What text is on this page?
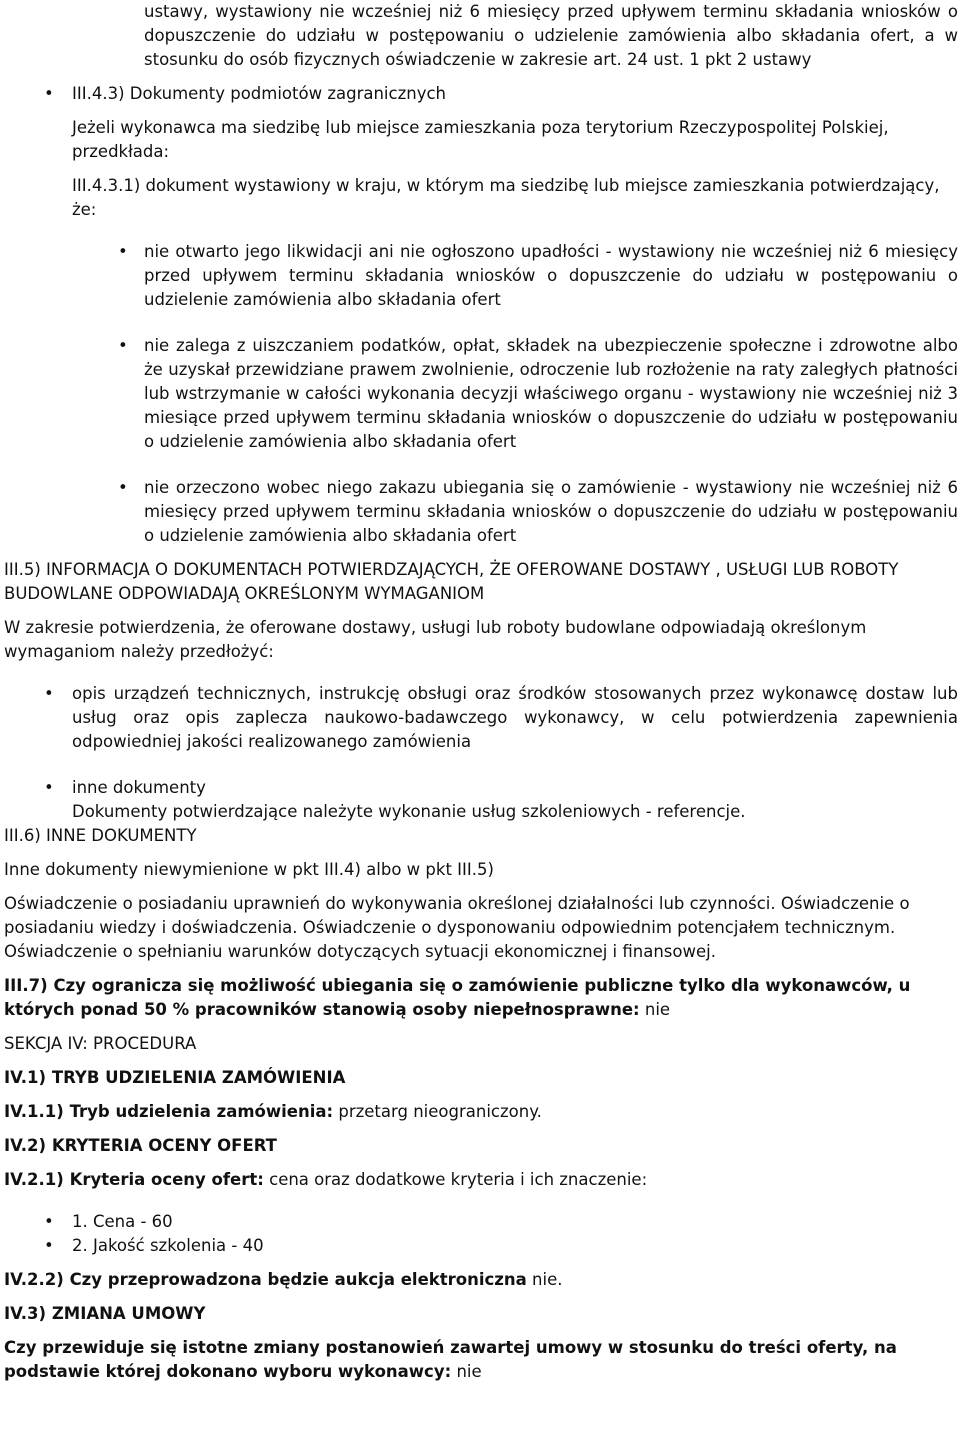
ustawy, wystawiony nie wcześniej niż 6 miesięcy przed upływem terminu składania wniosków o dopuszczenie do udziału w postępowaniu o udzielenie zamówienia albo składania ofert, a w stosunku do osób fizycznych oświadczenie w zakresie art. 24 ust. 1 pkt 2 ustawy

• III.4.3) Dokumenty podmiotów zagranicznych

Jeżeli wykonawca ma siedzibę lub miejsce zamieszkania poza terytorium Rzeczypospolitej Polskiej, przedkłada:

III.4.3.1) dokument wystawiony w kraju, w którym ma siedzibę lub miejsce zamieszkania potwierdzający, że:

• nie otwarto jego likwidacji ani nie ogłoszono upadłości - wystawiony nie wcześniej niż 6 miesięcy przed upływem terminu składania wniosków o dopuszczenie do udziału w postępowaniu o udzielenie zamówienia albo składania ofert

• nie zalega z uiszczaniem podatków, opłat, składek na ubezpieczenie społeczne i zdrowotne albo że uzyskał przewidziane prawem zwolnienie, odroczenie lub rozłożenie na raty zaległych płatności lub wstrzymanie w całości wykonania decyzji właściwego organu - wystawiony nie wcześniej niż 3 miesiące przed upływem terminu składania wniosków o dopuszczenie do udziału w postępowaniu o udzielenie zamówienia albo składania ofert

• nie orzeczono wobec niego zakazu ubiegania się o zamówienie - wystawiony nie wcześniej niż 6 miesięcy przed upływem terminu składania wniosków o dopuszczenie do udziału w postępowaniu o udzielenie zamówienia albo składania ofert

III.5) INFORMACJA O DOKUMENTACH POTWIERDZAJĄCYCH, ŻE OFEROWANE DOSTAWY , USŁUGI LUB ROBOTY BUDOWLANE ODPOWIADAJĄ OKREŚLONYM WYMAGANIOM

W zakresie potwierdzenia, że oferowane dostawy, usługi lub roboty budowlane odpowiadają określonym wymaganiom należy przedłożyć:

• opis urządzeń technicznych, instrukcję obsługi oraz środków stosowanych przez wykonawcę dostaw lub usług oraz opis zaplecza naukowo-badawczego wykonawcy, w celu potwierdzenia zapewnienia odpowiedniej jakości realizowanego zamówienia

• inne dokumenty

Dokumenty potwierdzające należyte wykonanie usług szkoleniowych - referencje.

III.6) INNE DOKUMENTY

Inne dokumenty niewymienione w pkt III.4) albo w pkt III.5)

Oświadczenie o posiadaniu uprawnień do wykonywania określonej działalności lub czynności. Oświadczenie o posiadaniu wiedzy i doświadczenia. Oświadczenie o dysponowaniu odpowiednim potencjałem technicznym. Oświadczenie o spełnianiu warunków dotyczących sytuacji ekonomicznej i finansowej.

III.7) Czy ogranicza się możliwość ubiegania się o zamówienie publiczne tylko dla wykonawców, u których ponad 50 % pracowników stanowią osoby niepełnosprawne: nie

SEKCJA IV: PROCEDURA

IV.1) TRYB UDZIELENIA ZAMÓWIENIA

IV.1.1) Tryb udzielenia zamówienia: przetarg nieograniczony.

IV.2) KRYTERIA OCENY OFERT

IV.2.1) Kryteria oceny ofert: cena oraz dodatkowe kryteria i ich znaczenie:

• 1. Cena - 60

• 2. Jakość szkolenia - 40

IV.2.2) Czy przeprowadzona będzie aukcja elektroniczna nie.

IV.3) ZMIANA UMOWY

Czy przewiduje się istotne zmiany postanowień zawartej umowy w stosunku do treści oferty, na podstawie której dokonano wyboru wykonawcy: nie
